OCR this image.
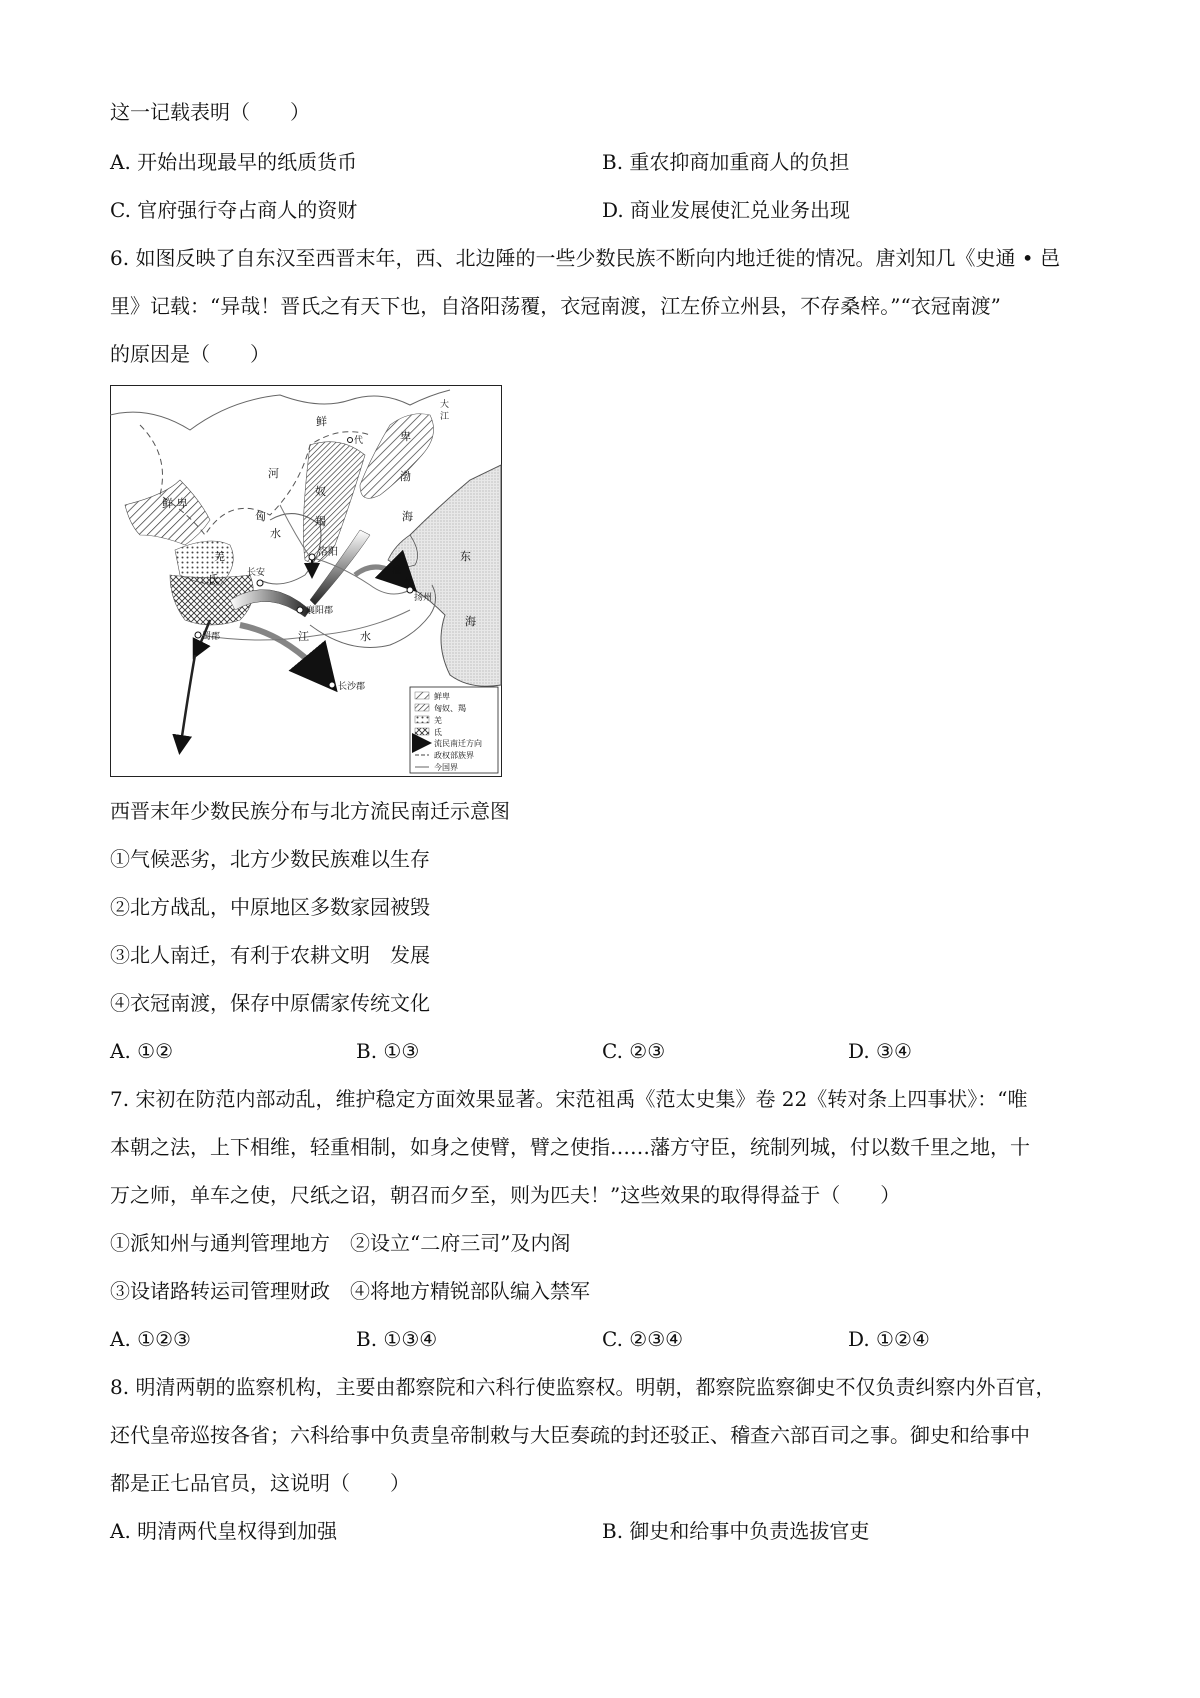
这一记载表明（　　）
A. 开始出现最早的纸质货币	B. 重农抑商加重商人的负担
C. 官府强行夺占商人的资财	D. 商业发展使汇兑业务出现
6. 如图反映了自东汉至西晋末年，西、北边陲的一些少数民族不断向内地迁徙的情况。唐刘知几《史通 • 邑
里》记载：“异哉！晋氏之有天下也，自洛阳荡覆，衣冠南渡，江左侨立州县，不存桑梓。”“衣冠南渡”
的原因是（　　）
鲜
卑
鲜 卑
河
匈
奴
羯
水
羌
氐	长安
洛阳
代
渤
海
东
海
淮
水
扬州
襄阳郡
蜀郡	江	水
长沙郡
大
江
鲜卑
匈奴、羯
羌
氐
流民南迁方向
政权部族界
今国界
西晋末年少数民族分布与北方流民南迁示意图
①气候恶劣，北方少数民族难以生存
②北方战乱，中原地区多数家园被毁
③北人南迁，有利于农耕文明　发展
④衣冠南渡，保存中原儒家传统文化
A. ①②	B. ①③	C. ②③	D. ③④
7. 宋初在防范内部动乱，维护稳定方面效果显著。宋范祖禹《范太史集》卷 22《转对条上四事状》：“唯
本朝之法，上下相维，轻重相制，如身之使臂，臂之使指……藩方守臣，统制列城，付以数千里之地，十
万之师，单车之使，尺纸之诏，朝召而夕至，则为匹夫！”这些效果的取得得益于（　　）
①派知州与通判管理地方　②设立“二府三司”及内阁
③设诸路转运司管理财政　④将地方精锐部队编入禁军
A. ①②③	B. ①③④	C. ②③④	D. ①②④
8. 明清两朝的监察机构，主要由都察院和六科行使监察权。明朝，都察院监察御史不仅负责纠察内外百官，
还代皇帝巡按各省；六科给事中负责皇帝制敕与大臣奏疏的封还驳正、稽查六部百司之事。御史和给事中
都是正七品官员，这说明（　　）
A. 明清两代皇权得到加强	B. 御史和给事中负责选拔官吏
